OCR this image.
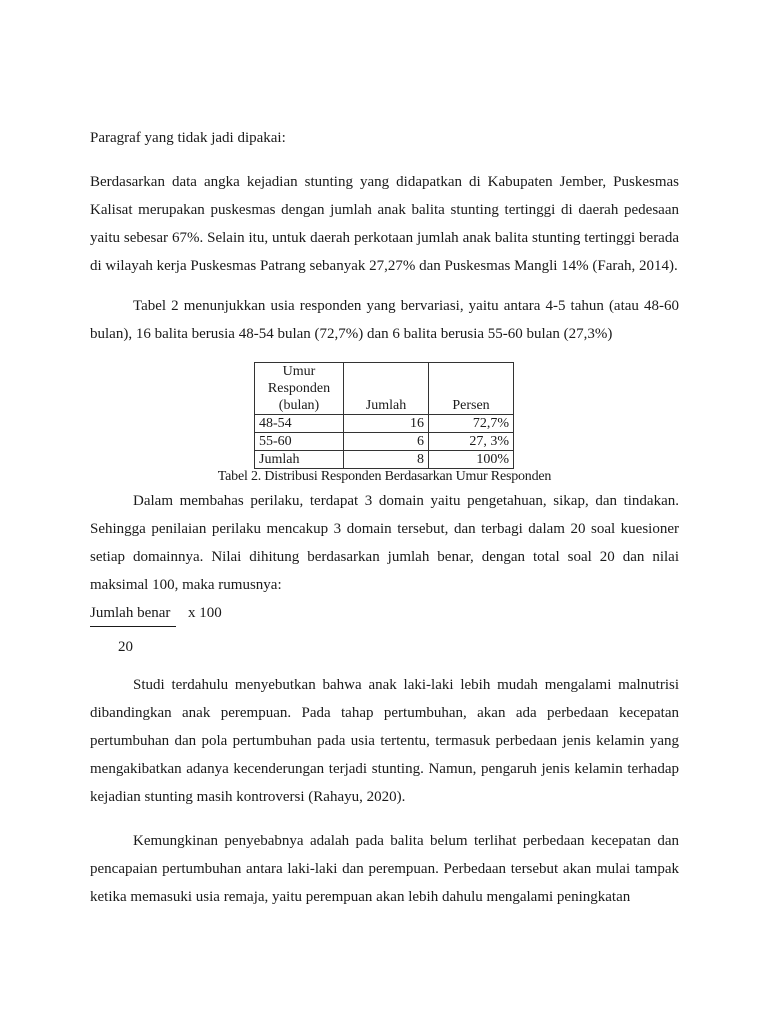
Paragraf yang tidak jadi dipakai:

Berdasarkan data angka kejadian stunting yang didapatkan di Kabupaten Jember, Puskesmas Kalisat merupakan puskesmas dengan jumlah anak balita stunting tertinggi di daerah pedesaan yaitu sebesar 67%. Selain itu, untuk daerah perkotaan jumlah anak balita stunting tertinggi berada di wilayah kerja Puskesmas Patrang sebanyak 27,27% dan Puskesmas Mangli 14% (Farah, 2014).

Tabel 2 menunjukkan usia responden yang bervariasi, yaitu antara 4-5 tahun (atau 48-60 bulan), 16 balita berusia 48-54 bulan (72,7%) dan 6 balita berusia 55-60 bulan (27,3%)

Umur
Responden
(bulan)	Jumlah	Persen
48-54	16	72,7%
55-60	6	27, 3%
Jumlah	8	100%

Tabel 2. Distribusi Responden Berdasarkan Umur Responden

Dalam membahas perilaku, terdapat 3 domain yaitu pengetahuan, sikap, dan tindakan. Sehingga penilaian perilaku mencakup 3 domain tersebut, dan terbagi dalam 20 soal kuesioner setiap domainnya. Nilai dihitung berdasarkan jumlah benar, dengan total soal 20 dan nilai maksimal 100, maka rumusnya:

Jumlah benar x 100
20

Studi terdahulu menyebutkan bahwa anak laki-laki lebih mudah mengalami malnutrisi dibandingkan anak perempuan. Pada tahap pertumbuhan, akan ada perbedaan kecepatan pertumbuhan dan pola pertumbuhan pada usia tertentu, termasuk perbedaan jenis kelamin yang mengakibatkan adanya kecenderungan terjadi stunting. Namun, pengaruh jenis kelamin terhadap kejadian stunting masih kontroversi (Rahayu, 2020).

Kemungkinan penyebabnya adalah pada balita belum terlihat perbedaan kecepatan dan pencapaian pertumbuhan antara laki-laki dan perempuan. Perbedaan tersebut akan mulai tampak ketika memasuki usia remaja, yaitu perempuan akan lebih dahulu mengalami peningkatan
